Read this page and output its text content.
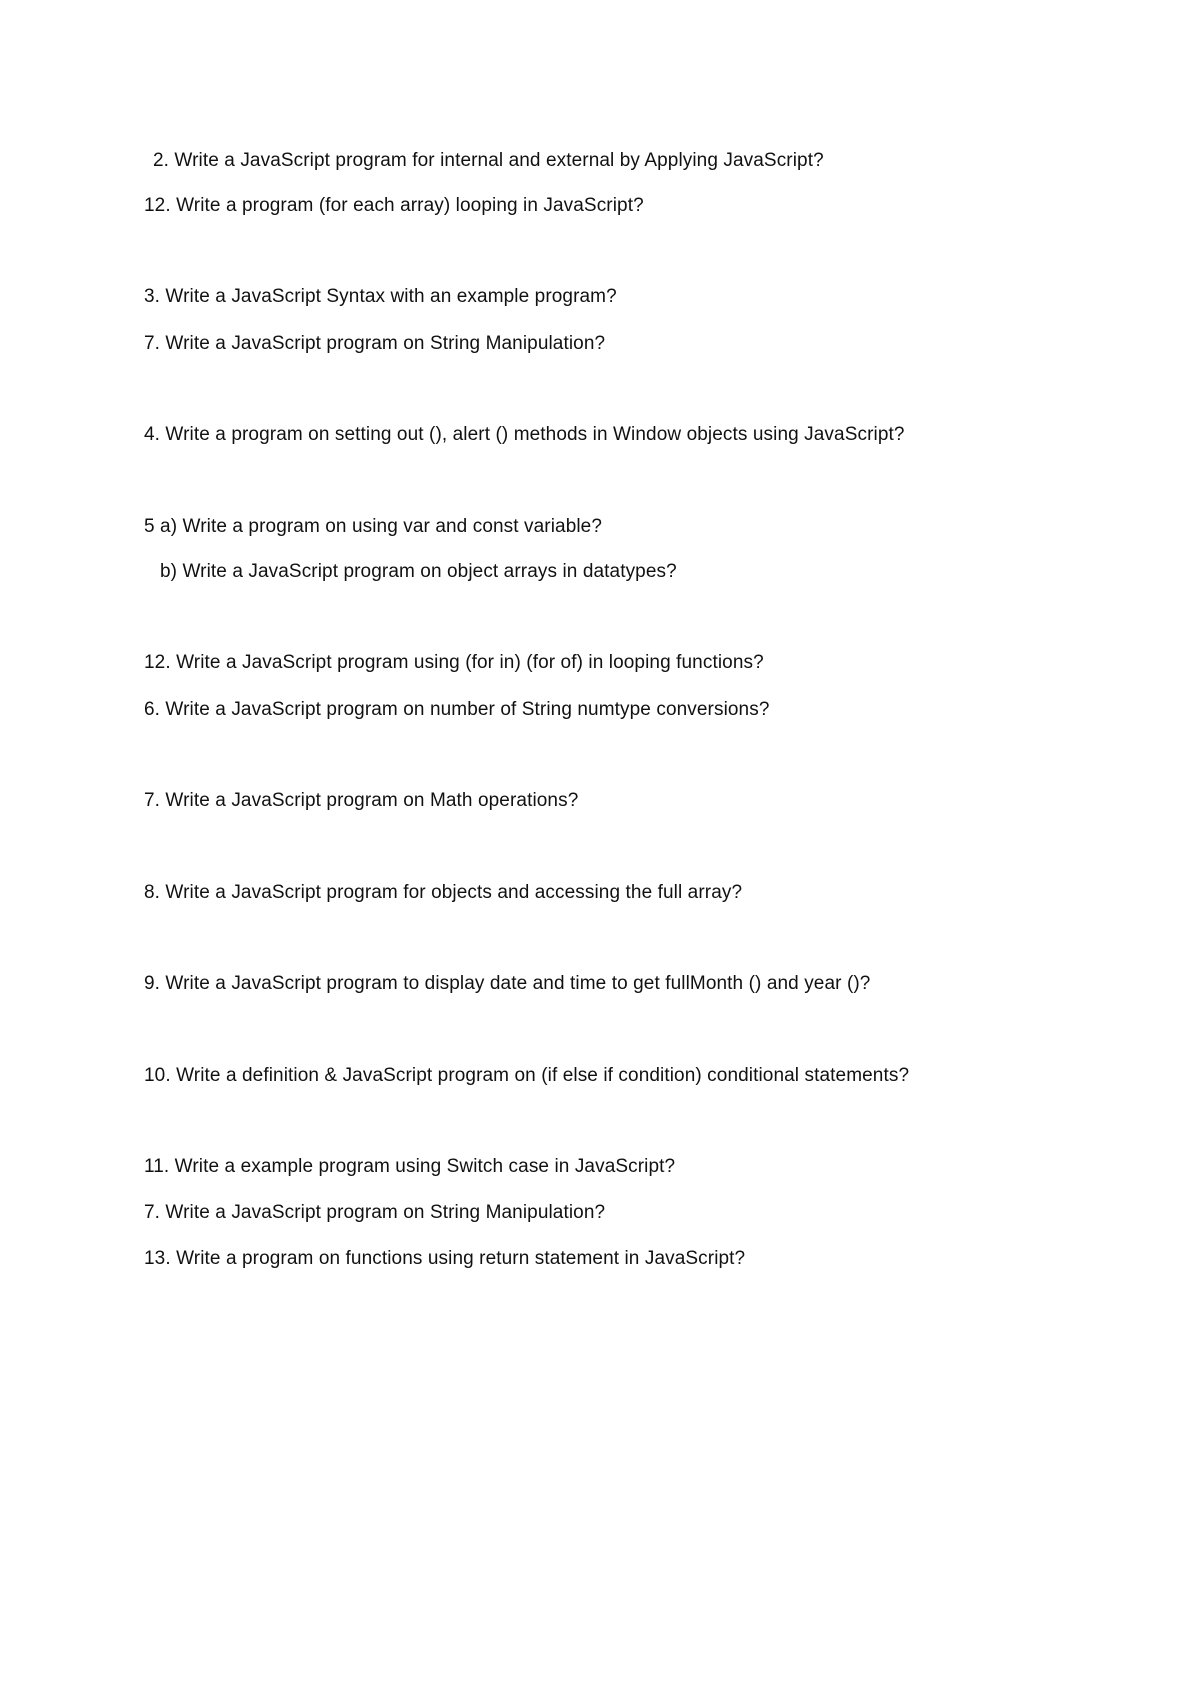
2. Write a JavaScript program for internal and external by Applying JavaScript?
12. Write a program (for each array) looping in JavaScript?
3. Write a JavaScript Syntax with an example program?
7. Write a JavaScript program on String Manipulation?
4. Write a program on setting out (), alert () methods in Window objects using JavaScript?
5 a) Write a program on using var and const variable?
b) Write a JavaScript program on object arrays in datatypes?
12. Write a JavaScript program using (for in) (for of) in looping functions?
6. Write a JavaScript program on number of String numtype conversions?
7. Write a JavaScript program on Math operations?
8. Write a JavaScript program for objects and accessing the full array?
9. Write a JavaScript program to display date and time to get fullMonth () and year ()?
10. Write a definition & JavaScript program on (if else if condition) conditional statements?
11. Write a example program using Switch case in JavaScript?
7. Write a JavaScript program on String Manipulation?
13. Write a program on functions using return statement in JavaScript?
